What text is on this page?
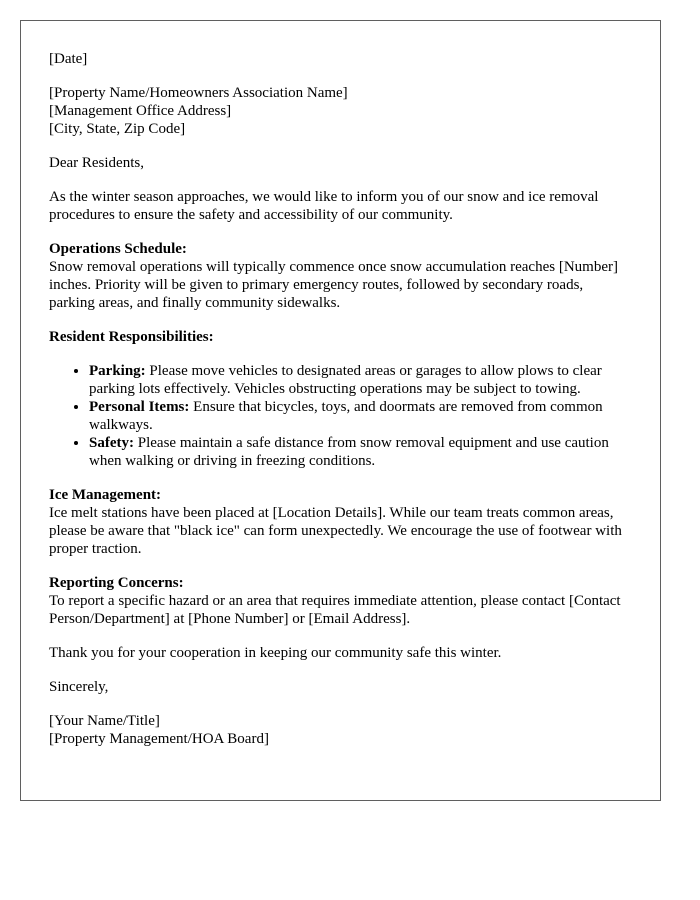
[Date]

[Property Name/Homeowners Association Name]
[Management Office Address]
[City, State, Zip Code]

Dear Residents,

As the winter season approaches, we would like to inform you of our snow and ice removal procedures to ensure the safety and accessibility of our community.

Operations Schedule:
Snow removal operations will typically commence once snow accumulation reaches [Number] inches. Priority will be given to primary emergency routes, followed by secondary roads, parking areas, and finally community sidewalks.

Resident Responsibilities:

• Parking: Please move vehicles to designated areas or garages to allow plows to clear parking lots effectively. Vehicles obstructing operations may be subject to towing.
• Personal Items: Ensure that bicycles, toys, and doormats are removed from common walkways.
• Safety: Please maintain a safe distance from snow removal equipment and use caution when walking or driving in freezing conditions.

Ice Management:
Ice melt stations have been placed at [Location Details]. While our team treats common areas, please be aware that "black ice" can form unexpectedly. We encourage the use of footwear with proper traction.

Reporting Concerns:
To report a specific hazard or an area that requires immediate attention, please contact [Contact Person/Department] at [Phone Number] or [Email Address].

Thank you for your cooperation in keeping our community safe this winter.

Sincerely,

[Your Name/Title]
[Property Management/HOA Board]
